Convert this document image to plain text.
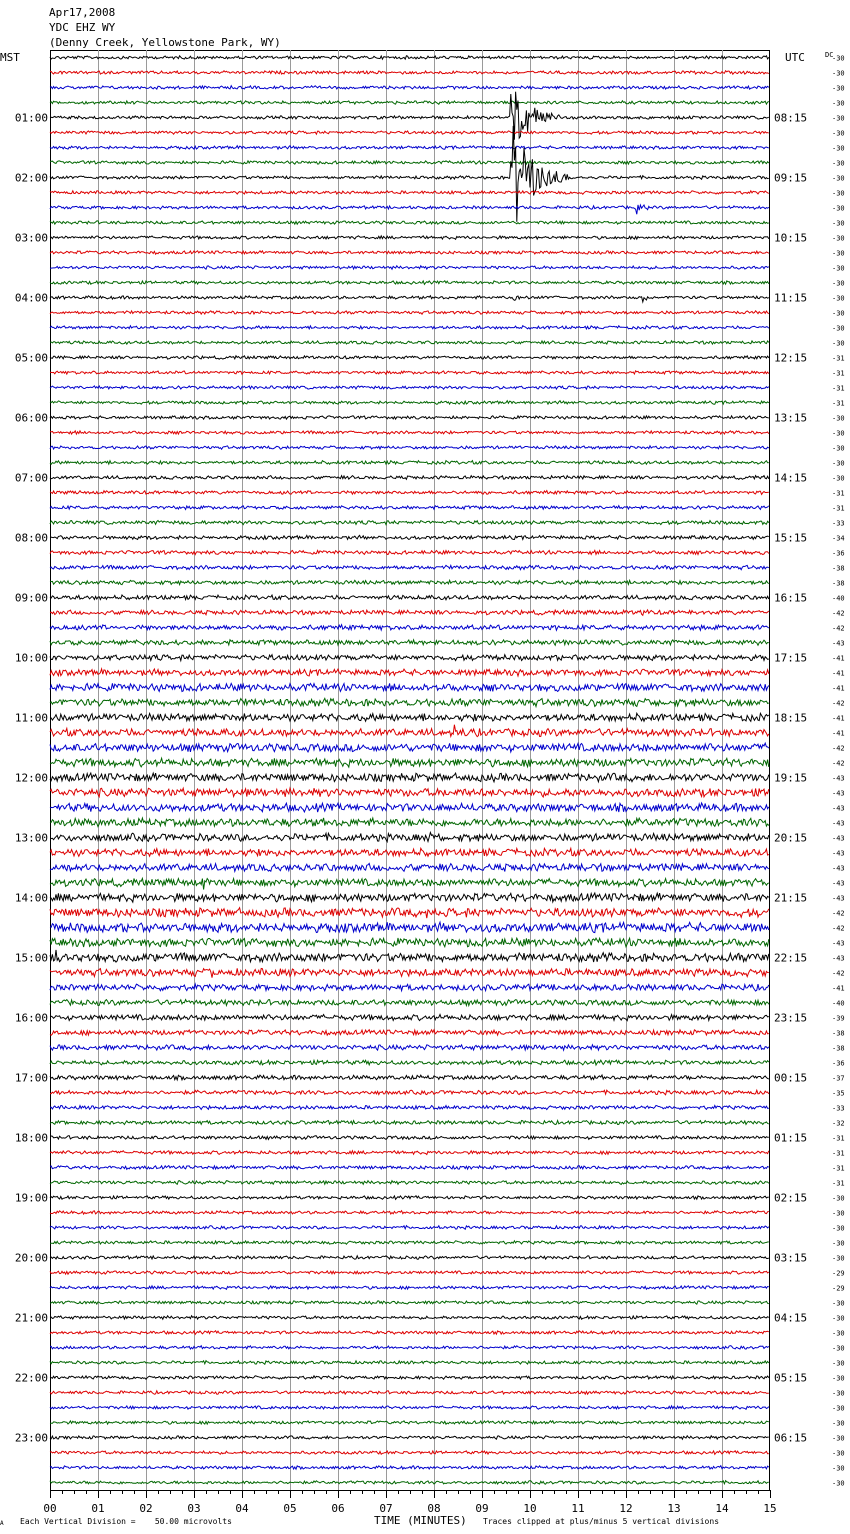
Apr17,2008
YDC EHZ WY
(Denny Creek, Yellowstone Park, WY)
MST	UTC	DC
01:00
02:00
03:00
04:00
05:00
06:00
07:00
08:00
09:00
10:00
11:00
12:00
13:00
14:00
15:00
16:00
17:00
18:00
19:00
20:00
21:00
22:00
23:00
08:15
09:15
10:15
11:15
12:15
13:15
14:15
15:15
16:15
17:15
18:15
19:15
20:15
21:15
22:15
23:15
00:15
01:15
02:15
03:15
04:15
05:15
06:15
-30
-30
-30
-30
-30
-30
-30
-30
-30
-30
-30
-30
-30
-30
-30
-30
-30
-30
-30
-30
-31
-31
-31
-31
-30
-30
-30
-30
-30
-31
-31
-33
-34
-36
-38
-38
-40
-42
-42
-43
-41
-41
-41
-42
-41
-41
-42
-42
-43
-43
-43
-43
-43
-43
-43
-43
-43
-42
-42
-43
-43
-42
-41
-40
-39
-38
-38
-36
-37
-35
-33
-32
-31
-31
-31
-31
-30
-30
-30
-30
-30
-29
-29
-30
-30
-30
-30
-30
-30
-30
-30
-30
-30
-30
-30
-30
00	01	02	03	04	05	06	07	08	09	10	11	12	13	14	15
A Each Vertical Division =    50.00 microvolts	TIME (MINUTES) Traces clipped at plus/minus 5 vertical divisions
